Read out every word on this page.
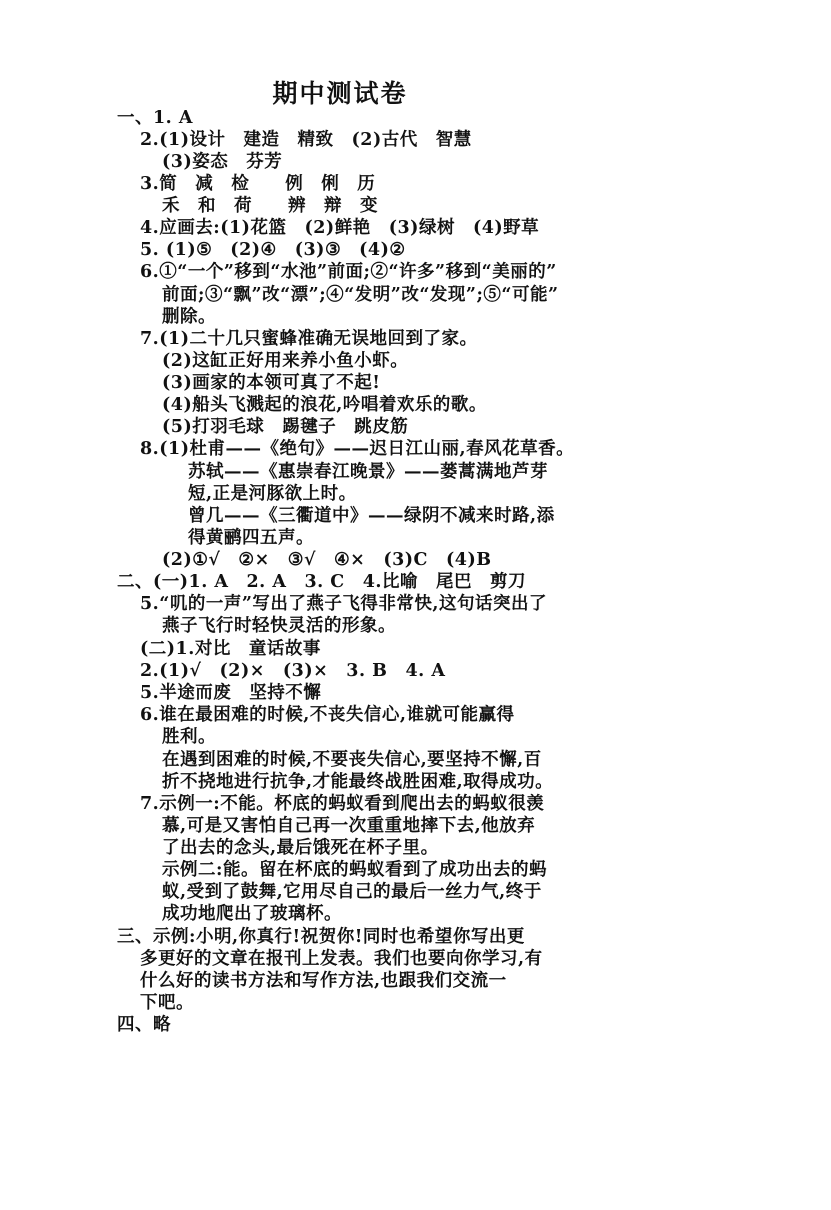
期中测试卷
一、1. A
2.(1)设计　建造　精致　(2)古代　智慧
(3)姿态　芬芳
3.简　减　检　　例　俐　历
禾　和　荷　　辨　辩　变
4.应画去:(1)花篮　(2)鲜艳　(3)绿树　(4)野草
5. (1)⑤　(2)④　(3)③　(4)②
6.①“一个”移到“水池”前面;②“许多”移到“美丽的”
前面;③“飘”改“漂”;④“发明”改“发现”;⑤“可能”
删除。
7.(1)二十几只蜜蜂准确无误地回到了家。
(2)这缸正好用来养小鱼小虾。
(3)画家的本领可真了不起!
(4)船头飞溅起的浪花,吟唱着欢乐的歌。
(5)打羽毛球　踢毽子　跳皮筋
8.(1)杜甫——《绝句》——迟日江山丽,春风花草香。
苏轼——《惠崇春江晚景》——蒌蒿满地芦芽
短,正是河豚欲上时。
曾几——《三衢道中》——绿阴不减来时路,添
得黄鹂四五声。
(2)①√　②×　③√　④×　(3)C　(4)B
二、(一)1. A　2. A　3. C　4.比喻　尾巴　剪刀
5.“叽的一声”写出了燕子飞得非常快,这句话突出了
燕子飞行时轻快灵活的形象。
(二)1.对比　童话故事
2.(1)√　(2)×　(3)×　3. B　4. A
5.半途而废　坚持不懈
6.谁在最困难的时候,不丧失信心,谁就可能赢得
胜利。
在遇到困难的时候,不要丧失信心,要坚持不懈,百
折不挠地进行抗争,才能最终战胜困难,取得成功。
7.示例一:不能。杯底的蚂蚁看到爬出去的蚂蚁很羡
慕,可是又害怕自己再一次重重地摔下去,他放弃
了出去的念头,最后饿死在杯子里。
示例二:能。留在杯底的蚂蚁看到了成功出去的蚂
蚁,受到了鼓舞,它用尽自己的最后一丝力气,终于
成功地爬出了玻璃杯。
三、示例:小明,你真行!祝贺你!同时也希望你写出更
多更好的文章在报刊上发表。我们也要向你学习,有
什么好的读书方法和写作方法,也跟我们交流一
下吧。
四、略
